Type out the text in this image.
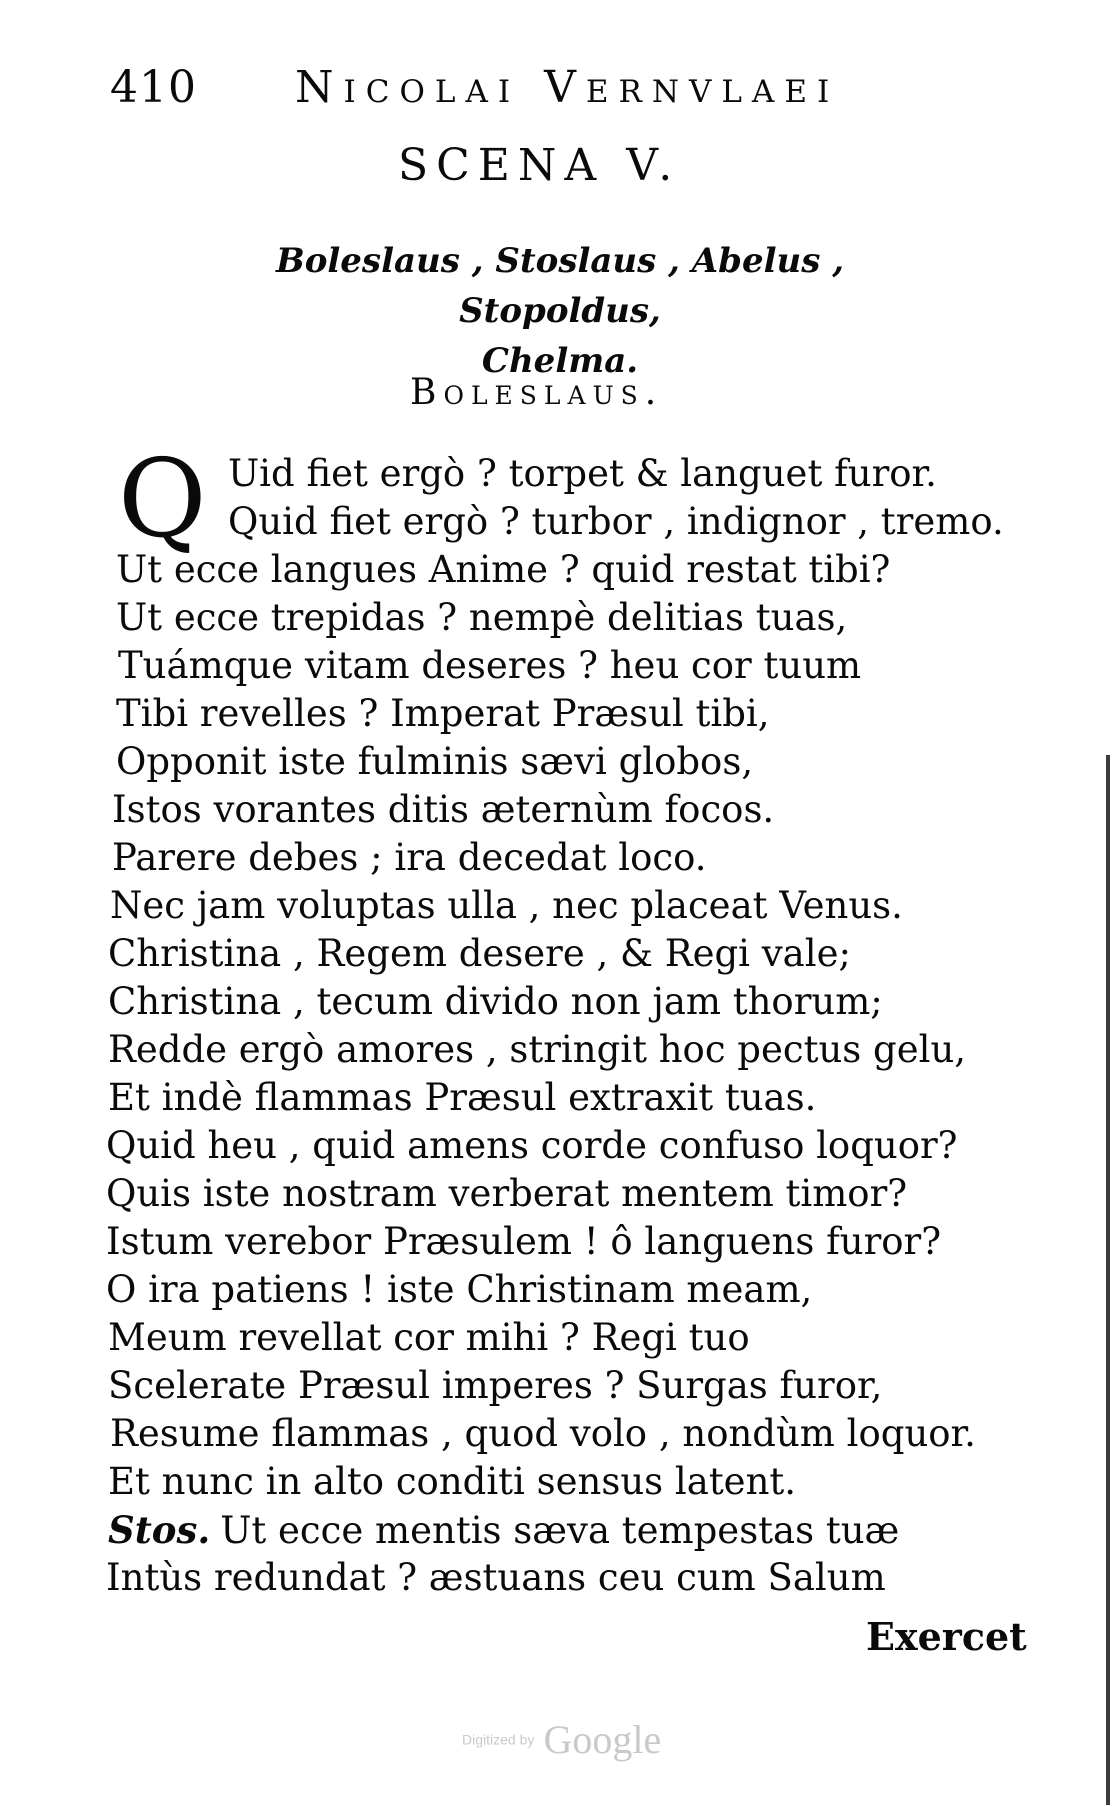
410 Nicolai Vernvlaei
SCENA V.
Boleslaus , Stoslaus , Abelus , Stopoldus,
Chelma.
Boleslaus.
Q Uid fiet ergò ? torpet & languet furor.
Quid fiet ergò ? turbor , indignor , tremo.
Ut ecce langues Anime ? quid restat tibi?
Ut ecce trepidas ? nempè delitias tuas,
Tuámque vitam deseres ? heu cor tuum
Tibi revelles ? Imperat Præsul tibi,
Opponit iste fulminis sævi globos,
Istos vorantes ditis æternùm focos.
Parere debes ; ira decedat loco.
Nec jam voluptas ulla , nec placeat Venus.
Christina , Regem desere , & Regi vale;
Christina , tecum divido non jam thorum;
Redde ergò amores , stringit hoc pectus gelu,
Et indè flammas Præsul extraxit tuas.
Quid heu , quid amens corde confuso loquor?
Quis iste nostram verberat mentem timor?
Istum verebor Præsulem ! ô languens furor?
O ira patiens ! iste Christinam meam,
Meum revellat cor mihi ? Regi tuo
Scelerate Præsul imperes ? Surgas furor,
Resume flammas , quod volo , nondùm loquor.
Et nunc in alto conditi sensus latent.
Stos. Ut ecce mentis sæva tempestas tuæ
Intùs redundat ? æstuans ceu cum Salum
Exercet
Digitized by Google
